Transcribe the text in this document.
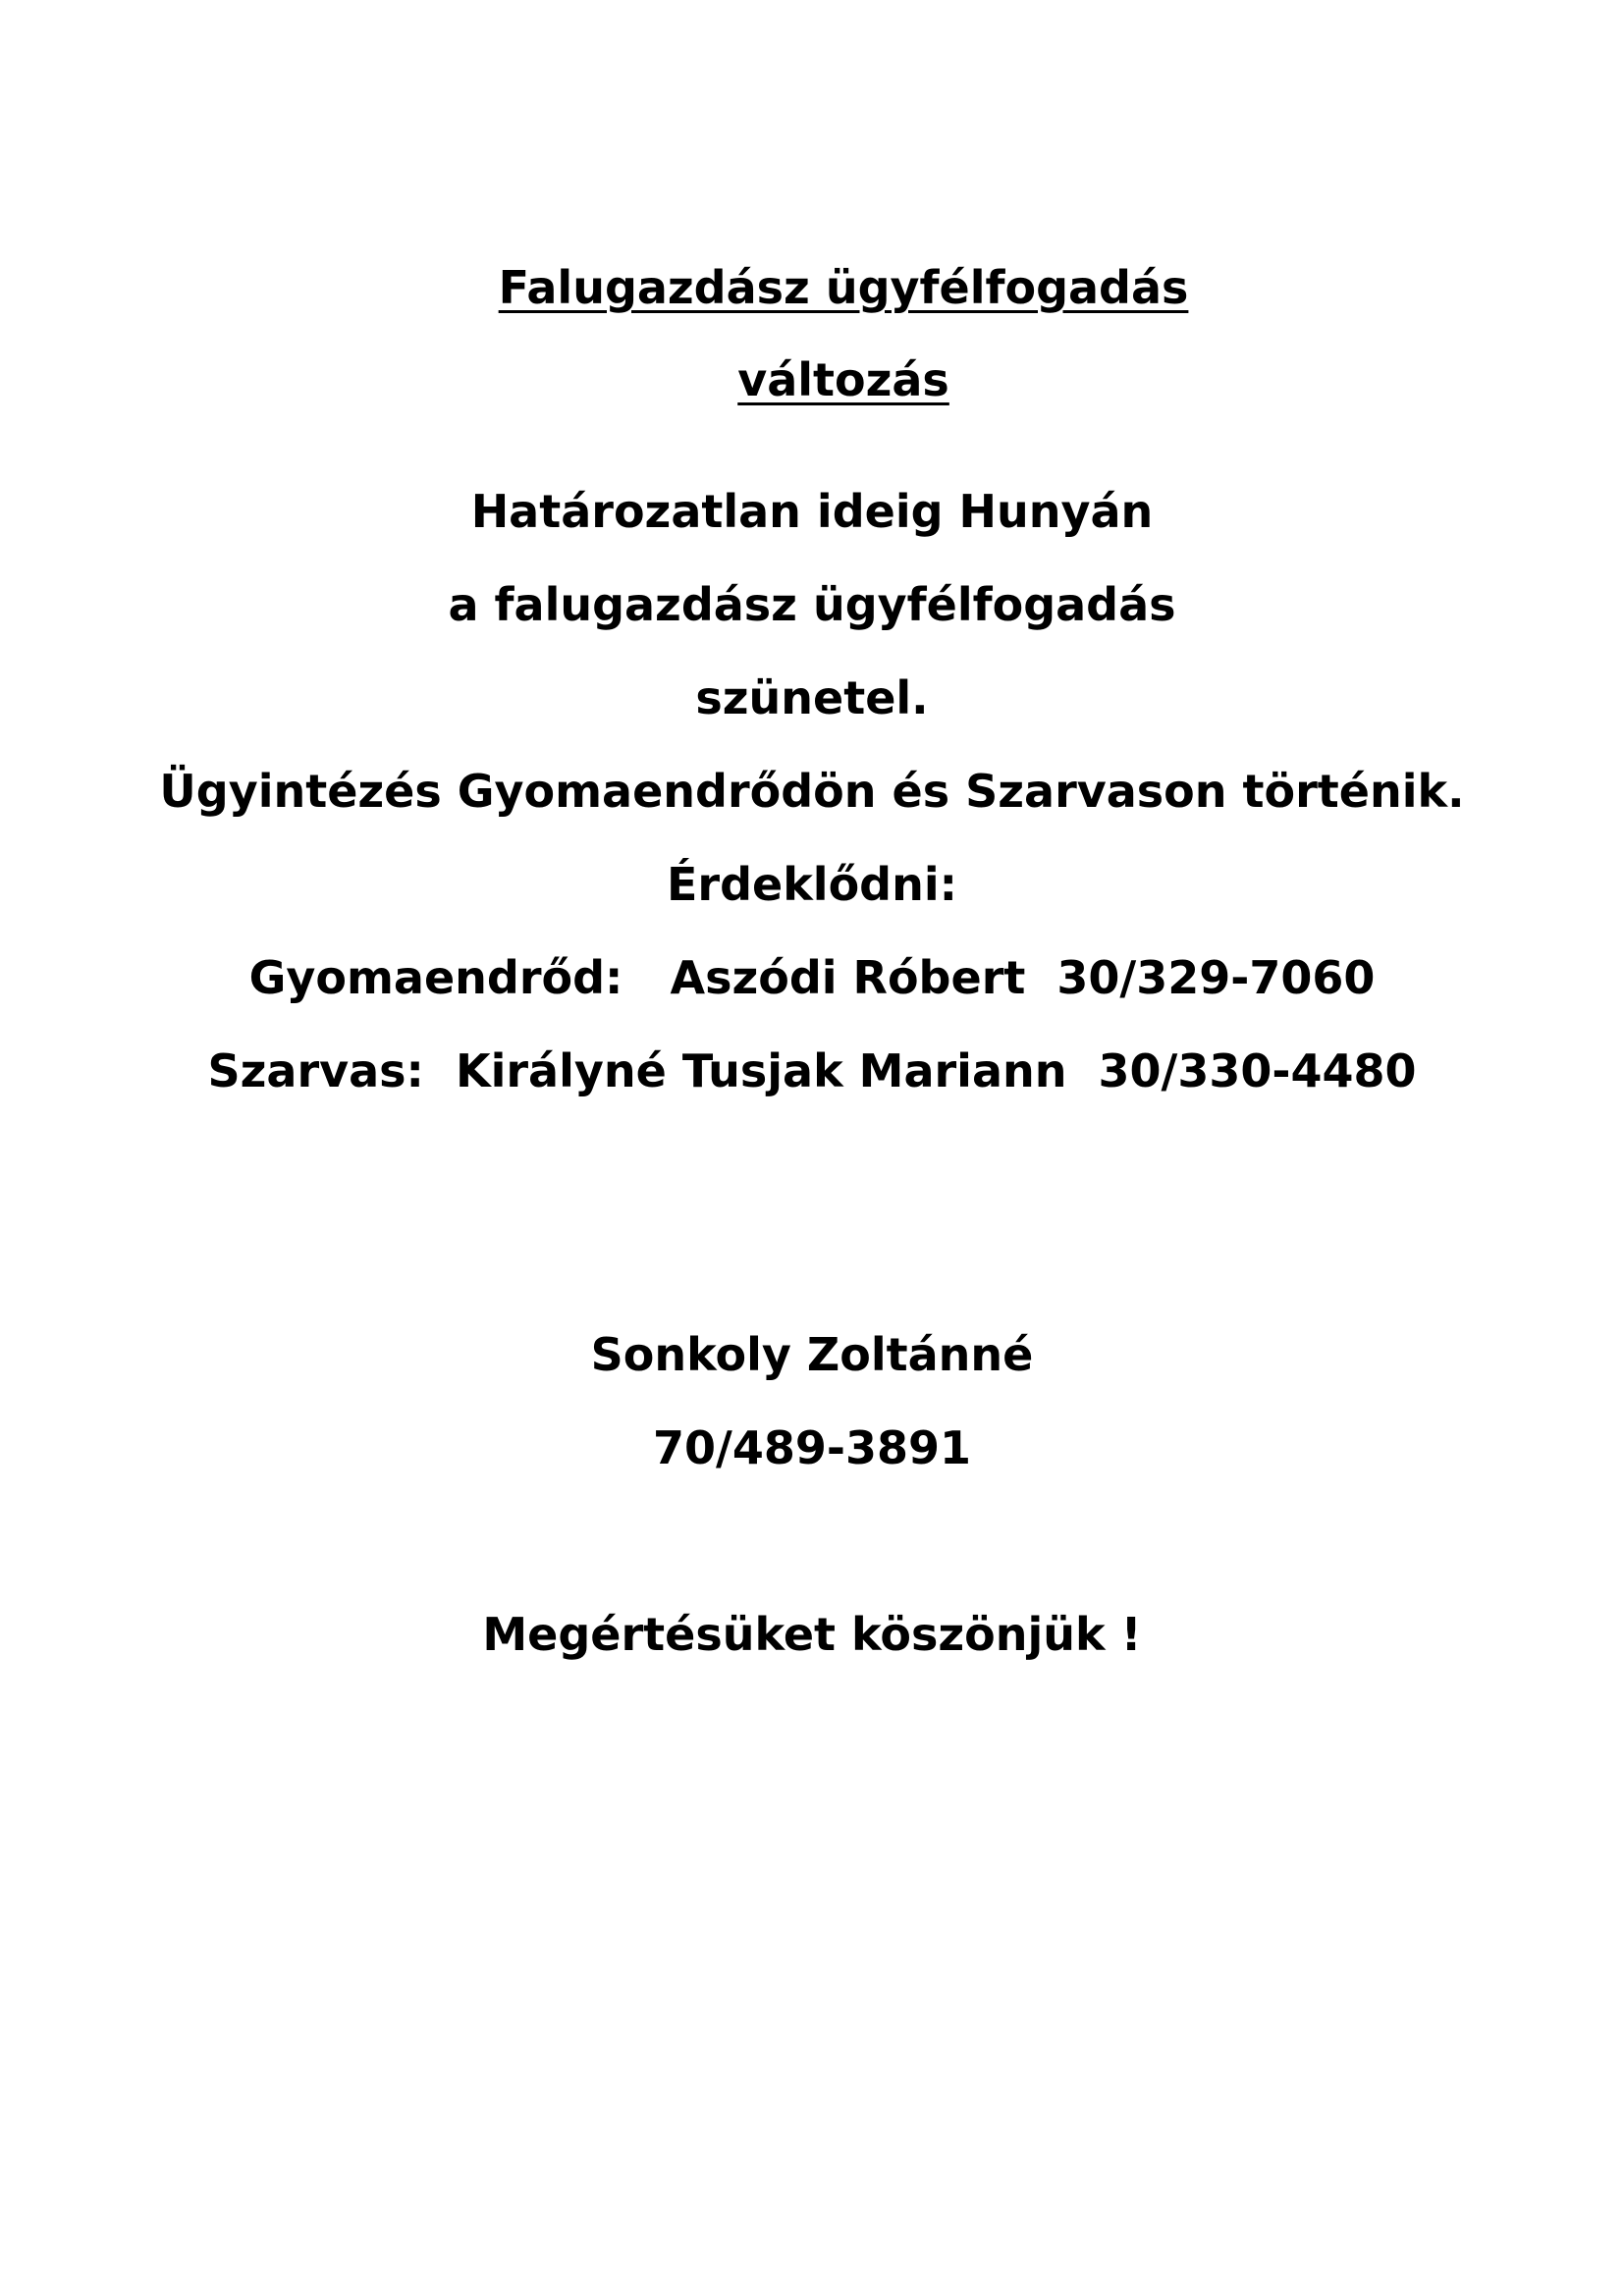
Falugazdász ügyfélfogadás

változás

Határozatlan ideig Hunyán
a falugazdász ügyfélfogadás
szünetel.
Ügyintézés Gyomaendrődön és Szarvason történik.
Érdeklődni:
Gyomaendrőd:   Aszódi Róbert  30/329-7060
Szarvas:  Királyné Tusjak Mariann  30/330-4480
Sonkoly Zoltánné
70/489-3891
Megértésüket köszönjük !
